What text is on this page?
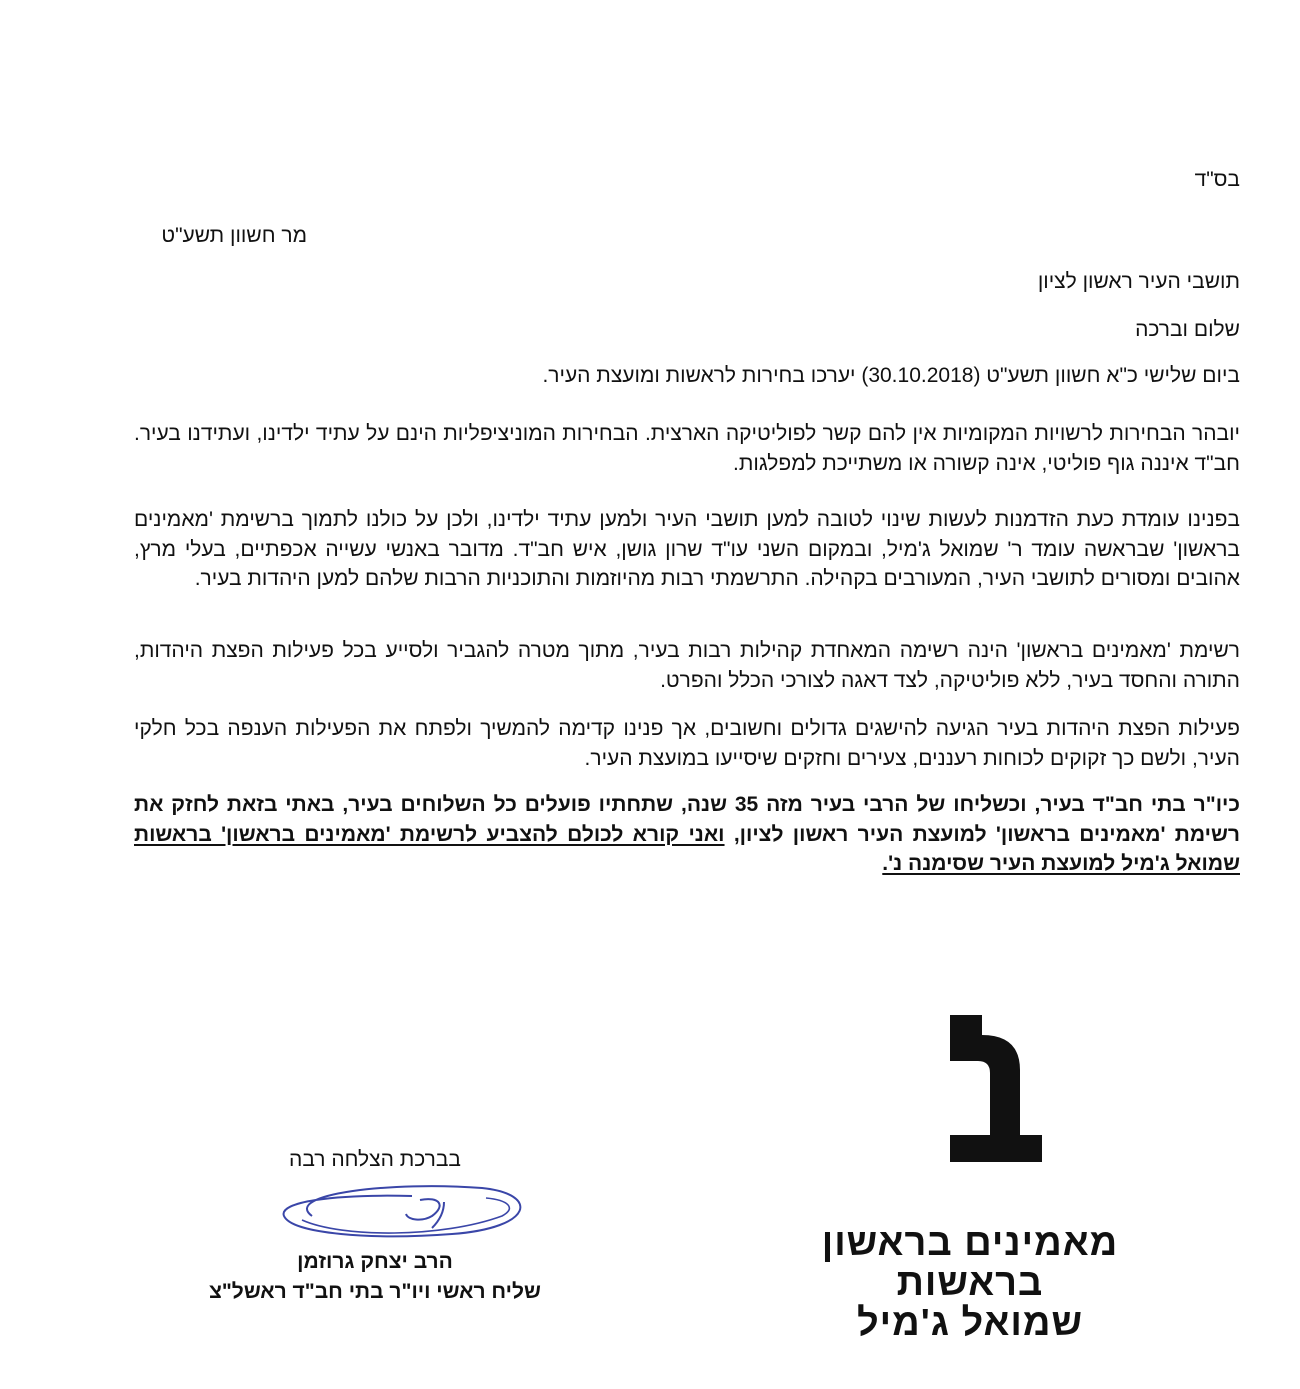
בס"ד
מר חשוון תשע"ט
תושבי העיר ראשון לציון
שלום וברכה
ביום שלישי כ"א חשוון תשע"ט (30.10.2018) יערכו בחירות לראשות ומועצת העיר.
יובהר הבחירות לרשויות המקומיות אין להם קשר לפוליטיקה הארצית. הבחירות המוניציפליות הינם על עתיד ילדינו, ועתידנו בעיר. חב"ד איננה גוף פוליטי, אינה קשורה או משתייכת למפלגות.
בפנינו עומדת כעת הזדמנות לעשות שינוי לטובה למען תושבי העיר ולמען עתיד ילדינו, ולכן על כולנו לתמוך ברשימת 'מאמינים בראשון' שבראשה עומד ר' שמואל ג'מיל, ובמקום השני עו"ד שרון גושן, איש חב"ד. מדובר באנשי עשייה אכפתיים, בעלי מרץ, אהובים ומסורים לתושבי העיר, המעורבים בקהילה. התרשמתי רבות מהיוזמות והתוכניות הרבות שלהם למען היהדות בעיר.
רשימת 'מאמינים בראשון' הינה רשימה המאחדת קהילות רבות בעיר, מתוך מטרה להגביר ולסייע בכל פעילות הפצת היהדות, התורה והחסד בעיר, ללא פוליטיקה, לצד דאגה לצורכי הכלל והפרט.
פעילות הפצת היהדות בעיר הגיעה להישגים גדולים וחשובים, אך פנינו קדימה להמשיך ולפתח את הפעילות הענפה בכל חלקי העיר, ולשם כך זקוקים לכוחות רעננים, צעירים וחזקים שיסייעו במועצת העיר.
כיו"ר בתי חב"ד בעיר, וכשליחו של הרבי בעיר מזה 35 שנה, שתחתיו פועלים כל השלוחים בעיר, באתי בזאת לחזק את רשימת 'מאמינים בראשון' למועצת העיר ראשון לציון, ואני קורא לכולם להצביע לרשימת 'מאמינים בראשון' בראשות שמואל ג'מיל למועצת העיר שסימנה נ'.
בברכת הצלחה רבה
הרב יצחק גרוזמן
שליח ראשי ויו"ר בתי חב"ד ראשל"צ
מאמינים בראשון
בראשות
שמואל ג'מיל
